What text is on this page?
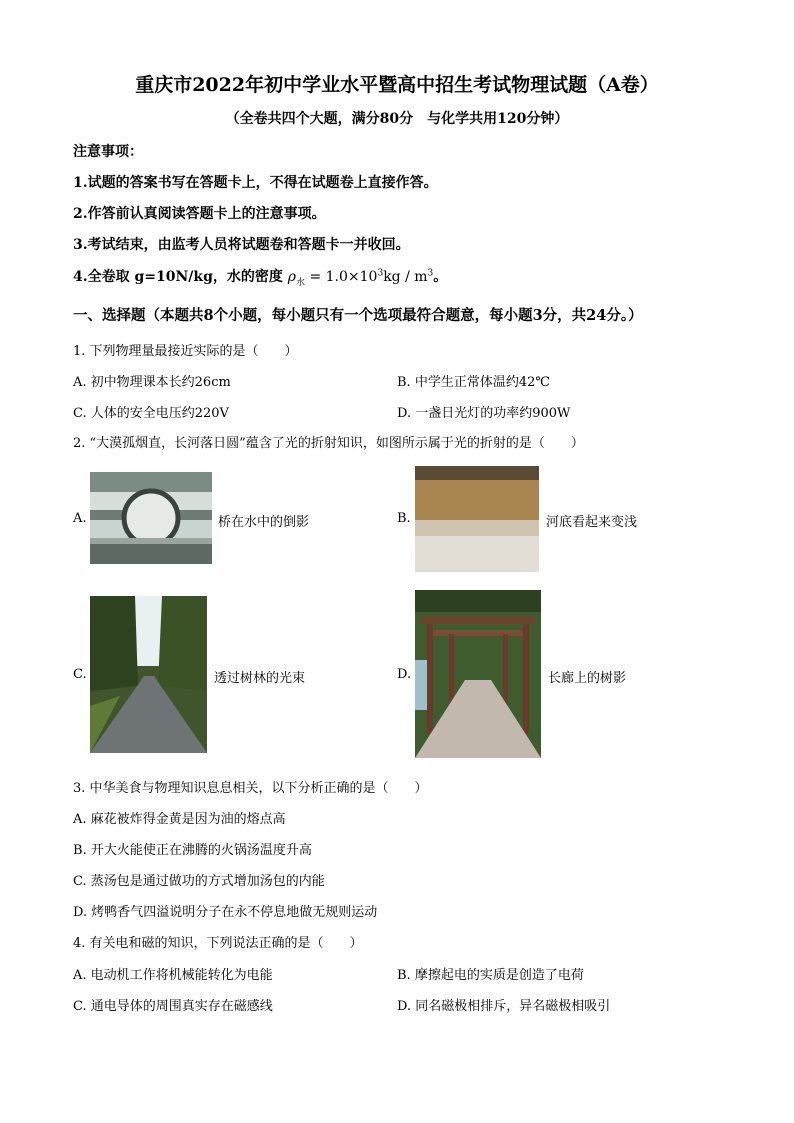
重庆市2022年初中学业水平暨高中招生考试物理试题（A卷）
（全卷共四个大题，满分80分　与化学共用120分钟）
注意事项：
1.试题的答案书写在答题卡上，不得在试题卷上直接作答。
2.作答前认真阅读答题卡上的注意事项。
3.考试结束，由监考人员将试题卷和答题卡一并收回。
4.全卷取 g=10N/kg，水的密度 $\rho_水 = 1.0\times 10^3kg / m^3$。
一、选择题（本题共8个小题，每小题只有一个选项最符合题意，每小题3分，共24分。）
1. 下列物理量最接近实际的是（　　）
A. 初中物理课本长约26cm	B. 中学生正常体温约42℃
C. 人体的安全电压约220V	D. 一盏日光灯的功率约900W
2. “大漠孤烟直，长河落日圆”蕴含了光的折射知识，如图所示属于光的折射的是（　　）
A.	桥在水中的倒影	B.	河底看起来变浅
C.	透过树林的光束	D.	长廊上的树影
3. 中华美食与物理知识息息相关，以下分析正确的是（　　）
A. 麻花被炸得金黄是因为油的熔点高
B. 开大火能使正在沸腾的火锅汤温度升高
C. 蒸汤包是通过做功的方式增加汤包的内能
D. 烤鸭香气四溢说明分子在永不停息地做无规则运动
4. 有关电和磁的知识，下列说法正确的是（　　）
A. 电动机工作将机械能转化为电能	B. 摩擦起电的实质是创造了电荷
C. 通电导体的周围真实存在磁感线	D. 同名磁极相排斥，异名磁极相吸引
